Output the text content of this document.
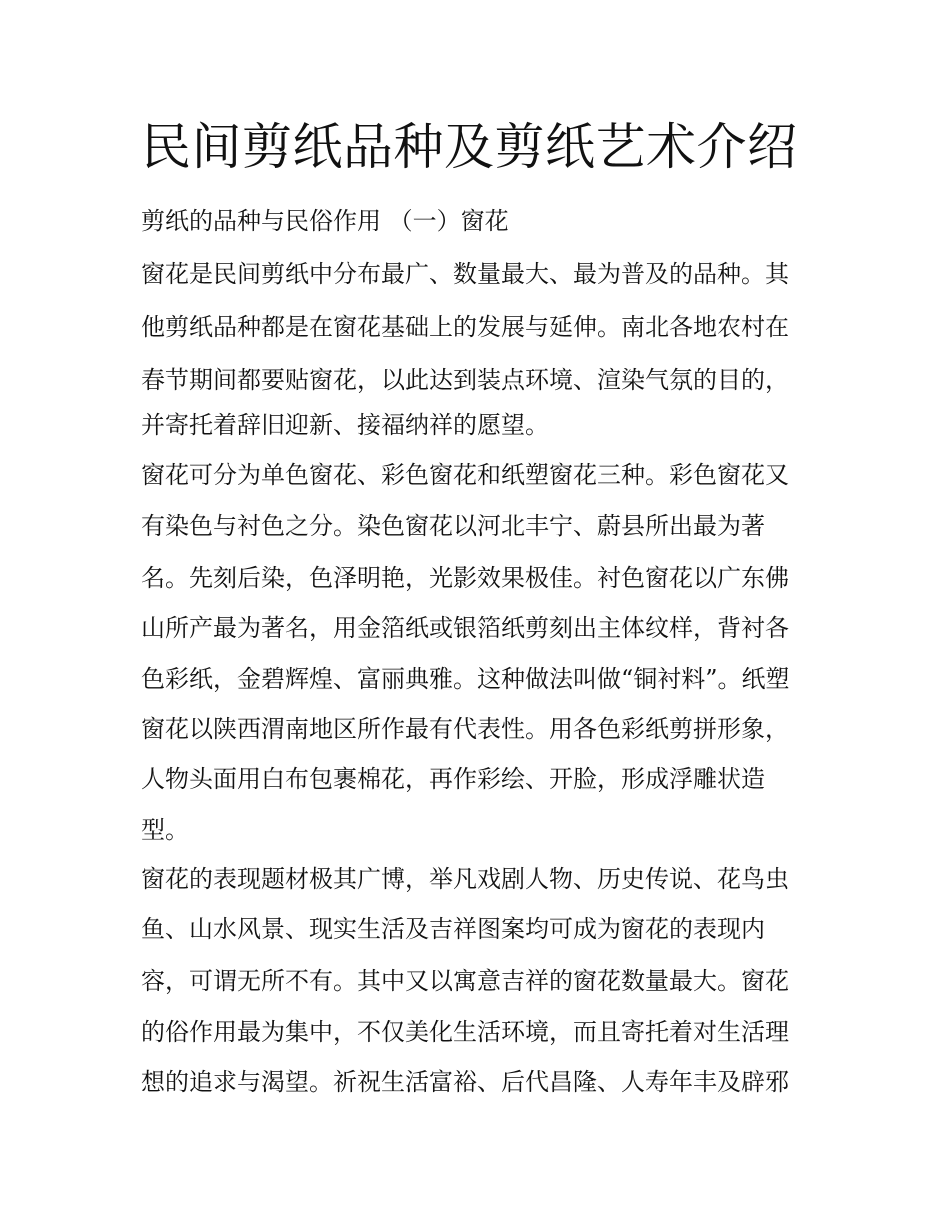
民间剪纸品种及剪纸艺术介绍

剪纸的品种与民俗作用 （一）窗花

窗花是民间剪纸中分布最广、数量最大、最为普及的品种。其

他剪纸品种都是在窗花基础上的发展与延伸。南北各地农村在

春节期间都要贴窗花，以此达到装点环境、渲染气氛的目的，

并寄托着辞旧迎新、接福纳祥的愿望。

窗花可分为单色窗花、彩色窗花和纸塑窗花三种。彩色窗花又

有染色与衬色之分。染色窗花以河北丰宁、蔚县所出最为著

名。先刻后染，色泽明艳，光影效果极佳。衬色窗花以广东佛

山所产最为著名，用金箔纸或银箔纸剪刻出主体纹样，背衬各

色彩纸，金碧辉煌、富丽典雅。这种做法叫做“铜衬料”。纸塑

窗花以陕西渭南地区所作最有代表性。用各色彩纸剪拼形象，

人物头面用白布包裹棉花，再作彩绘、开脸，形成浮雕状造

型。

窗花的表现题材极其广博，举凡戏剧人物、历史传说、花鸟虫

鱼、山水风景、现实生活及吉祥图案均可成为窗花的表现内

容，可谓无所不有。其中又以寓意吉祥的窗花数量最大。窗花

的俗作用最为集中，不仅美化生活环境，而且寄托着对生活理

想的追求与渴望。祈祝生活富裕、后代昌隆、人寿年丰及辟邪
